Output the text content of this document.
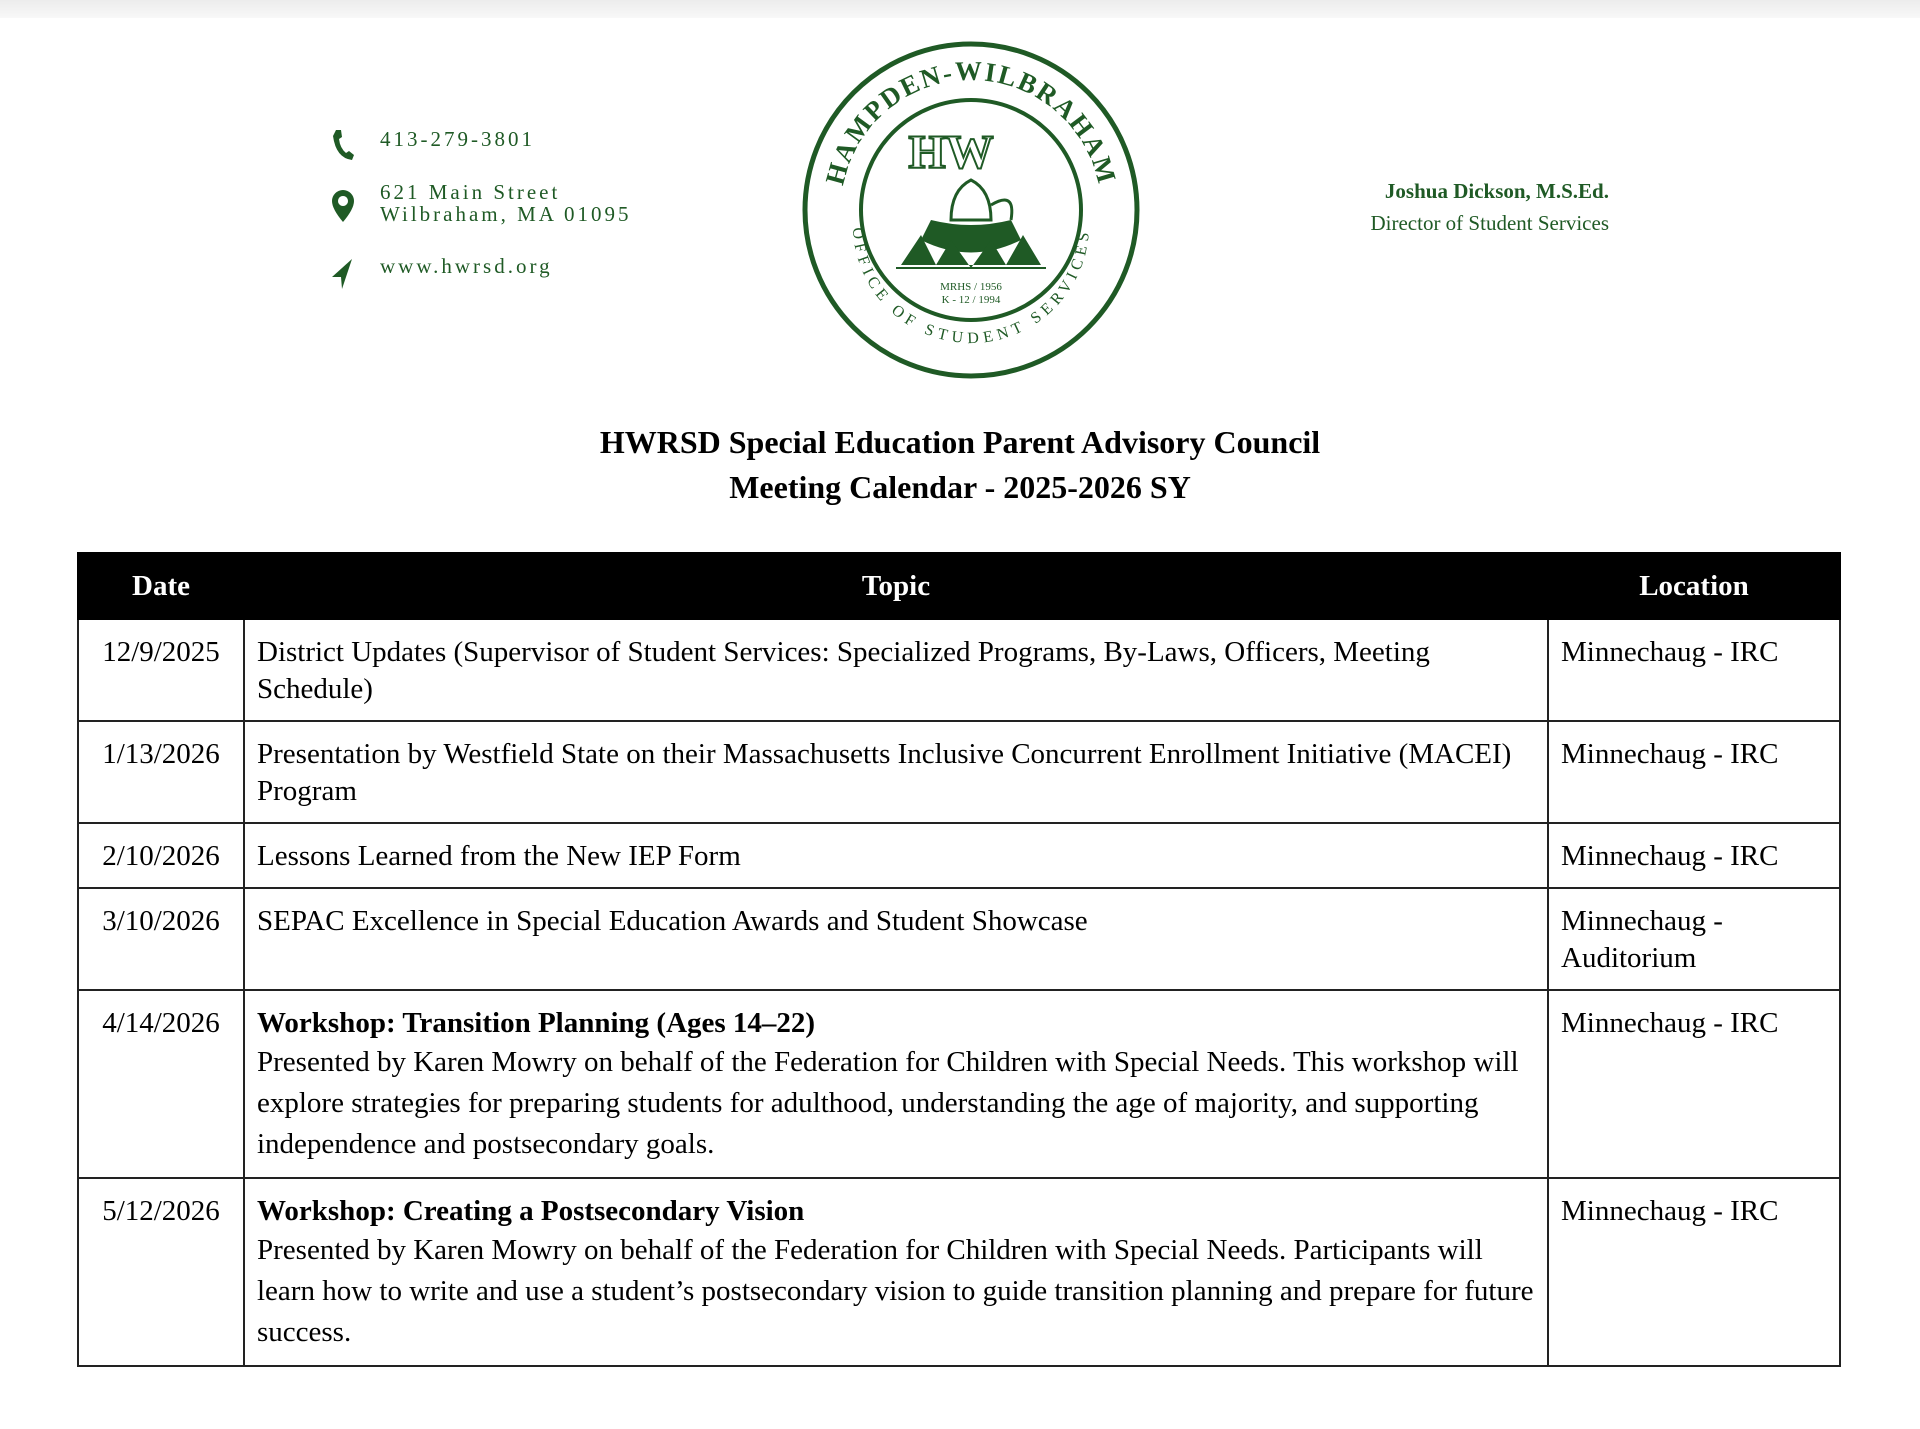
413-279-3801
621 Main Street
Wilbraham, MA 01095
www.hwrsd.org
HAMPDEN-WILBRAHAM
OFFICE OF STUDENT SERVICES
HW
MRHS / 1956
K - 12 / 1994
Joshua Dickson, M.S.Ed.
Director of Student Services
HWRSD Special Education Parent Advisory Council
Meeting Calendar - 2025-2026 SY
Date	Topic	Location
12/9/2025	District Updates (Supervisor of Student Services: Specialized Programs, By-Laws, Officers, Meeting Schedule)	Minnechaug - IRC
1/13/2026	Presentation by Westfield State on their Massachusetts Inclusive Concurrent Enrollment Initiative (MACEI) Program	Minnechaug - IRC
2/10/2026	Lessons Learned from the New IEP Form	Minnechaug - IRC
3/10/2026	SEPAC Excellence in Special Education Awards and Student Showcase	Minnechaug - Auditorium
4/14/2026	Workshop: Transition Planning (Ages 14–22)
Presented by Karen Mowry on behalf of the Federation for Children with Special Needs. This workshop will explore strategies for preparing students for adulthood, understanding the age of majority, and supporting independence and postsecondary goals.	Minnechaug - IRC
5/12/2026	Workshop: Creating a Postsecondary Vision
Presented by Karen Mowry on behalf of the Federation for Children with Special Needs. Participants will learn how to write and use a student’s postsecondary vision to guide transition planning and prepare for future success.	Minnechaug - IRC
